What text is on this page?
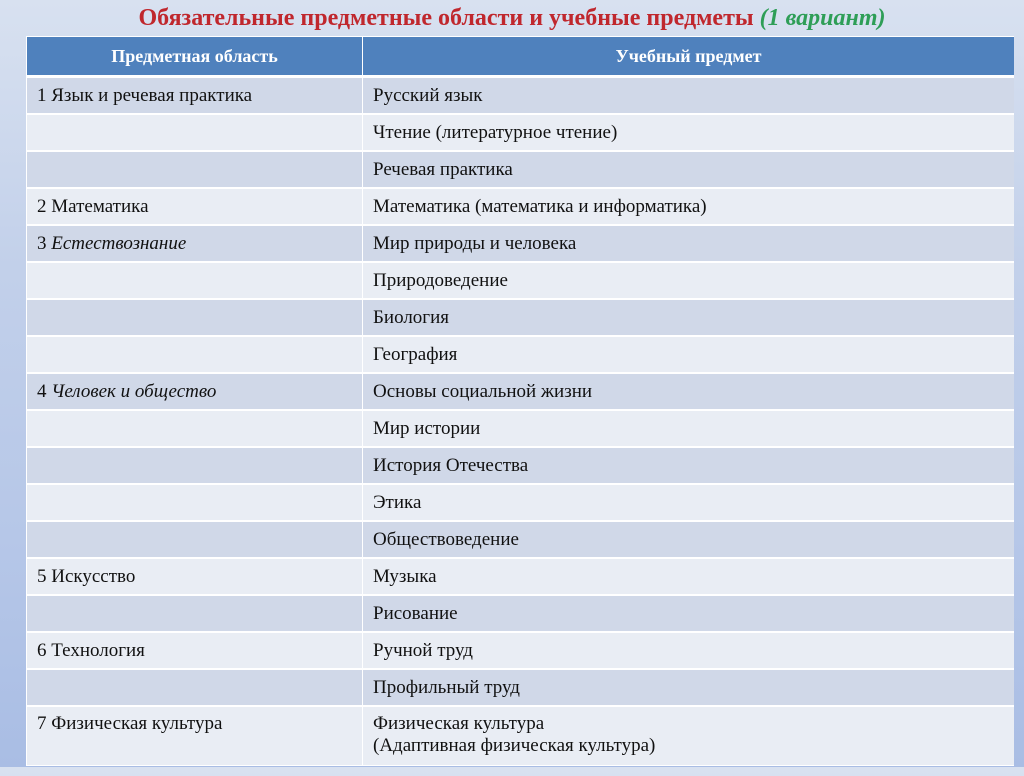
Обязательные предметные области и учебные предметы (1 вариант)
Предметная область	Учебный предмет
1 Язык и речевая практика	Русский язык
	Чтение (литературное чтение)
	Речевая практика
2 Математика	Математика (математика и информатика)
3 Естествознание	Мир природы и человека
	Природоведение
	Биология
	География
4 Человек и общество	Основы социальной жизни
	Мир истории
	История Отечества
	Этика
	Обществоведение
5 Искусство	Музыка
	Рисование
6 Технология	Ручной труд
	Профильный труд
7 Физическая культура	Физическая культура
(Адаптивная физическая культура)
